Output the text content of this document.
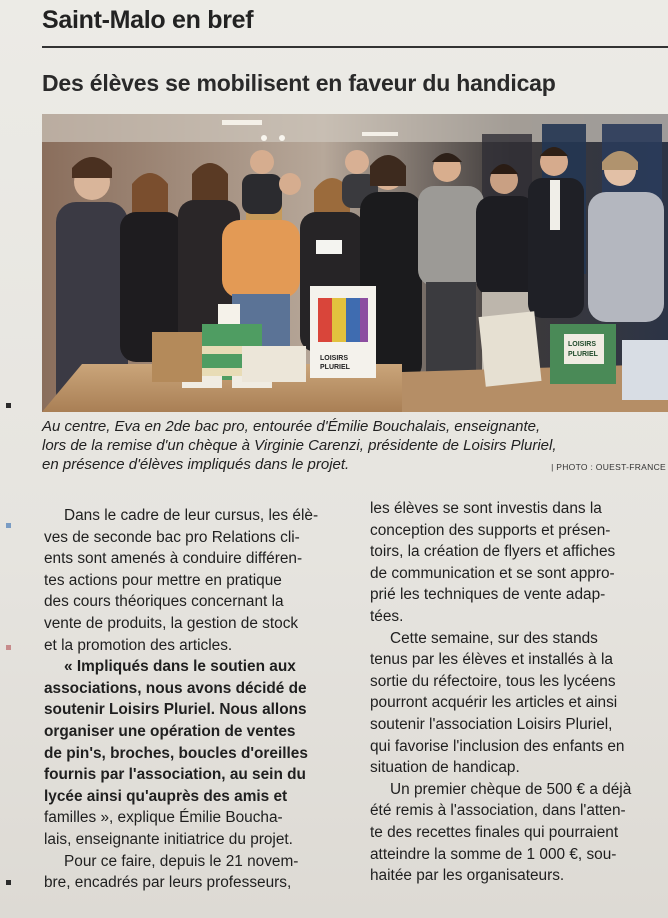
Saint-Malo en bref
Des élèves se mobilisent en faveur du handicap
LOISIRS
PLURIEL
LOISIRS
PLURIEL
Au centre, Eva en 2de bac pro, entourée d'Émilie Bouchalais, enseignante,
lors de la remise d'un chèque à Virginie Carenzi, présidente de Loisirs Pluriel,
en présence d'élèves impliqués dans le projet.	| PHOTO : OUEST-FRANCE
Dans le cadre de leur cursus, les élè-
ves de seconde bac pro Relations cli-
ents sont amenés à conduire différen-
tes actions pour mettre en pratique
des cours théoriques concernant la
vente de produits, la gestion de stock
et la promotion des articles.
« Impliqués dans le soutien aux
associations, nous avons décidé de
soutenir Loisirs Pluriel. Nous allons
organiser une opération de ventes
de pin's, broches, boucles d'oreilles
fournis par l'association, au sein du
lycée ainsi qu'auprès des amis et
familles », explique Émilie Boucha-
lais, enseignante initiatrice du projet.
Pour ce faire, depuis le 21 novem-
bre, encadrés par leurs professeurs,
les élèves se sont investis dans la
conception des supports et présen-
toirs, la création de flyers et affiches
de communication et se sont appro-
prié les techniques de vente adap-
tées.
Cette semaine, sur des stands
tenus par les élèves et installés à la
sortie du réfectoire, tous les lycéens
pourront acquérir les articles et ainsi
soutenir l'association Loisirs Pluriel,
qui favorise l'inclusion des enfants en
situation de handicap.
Un premier chèque de 500 € a déjà
été remis à l'association, dans l'atten-
te des recettes finales qui pourraient
atteindre la somme de 1 000 €, sou-
haitée par les organisateurs.
